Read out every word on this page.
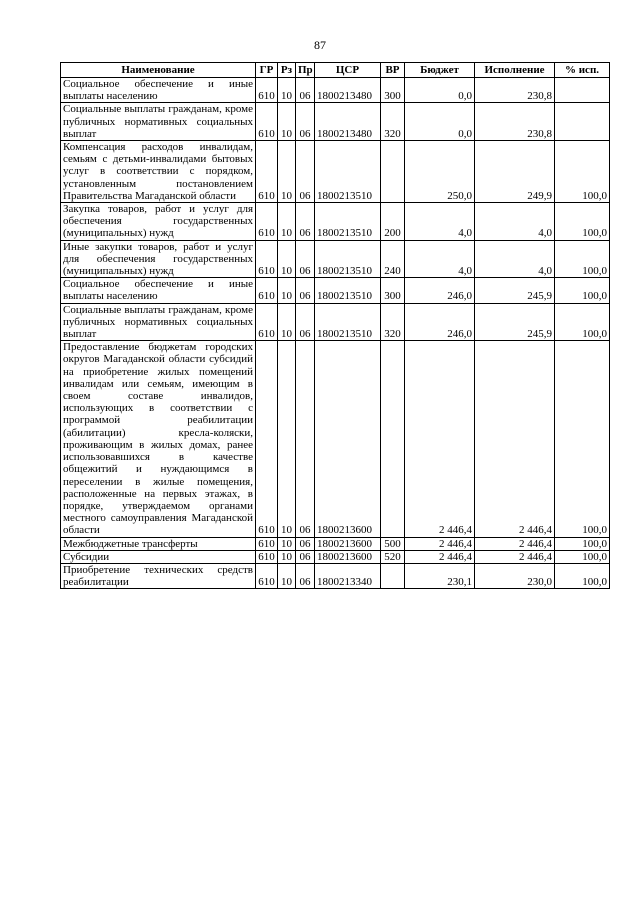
87
Наименование	ГР	Рз	Пр	ЦСР	ВР	Бюджет	Исполнение	% исп.
Социальное обеспечение и иные выплаты населению	610	10	06	1800213480	300	0,0	230,8	
Социальные выплаты гражданам, кроме публичных нормативных социальных выплат	610	10	06	1800213480	320	0,0	230,8	
Компенсация расходов инвалидам, семьям с детьми-инвалидами бытовых услуг в соответствии с порядком, установленным постановлением Правительства Магаданской области	610	10	06	1800213510		250,0	249,9	100,0
Закупка товаров, работ и услуг для обеспечения государственных (муниципальных) нужд	610	10	06	1800213510	200	4,0	4,0	100,0
Иные закупки товаров, работ и услуг для обеспечения государственных (муниципальных) нужд	610	10	06	1800213510	240	4,0	4,0	100,0
Социальное обеспечение и иные выплаты населению	610	10	06	1800213510	300	246,0	245,9	100,0
Социальные выплаты гражданам, кроме публичных нормативных социальных выплат	610	10	06	1800213510	320	246,0	245,9	100,0
Предоставление бюджетам городских округов Магаданской области субсидий на приобретение жилых помещений инвалидам или семьям, имеющим в своем составе инвалидов, использующих в соответствии с программой реабилитации (абилитации) кресла-коляски, проживающим в жилых домах, ранее использовавшихся в качестве общежитий и нуждающимся в переселении в жилые помещения, расположенные на первых этажах, в порядке, утверждаемом органами местного самоуправления Магаданской области	610	10	06	1800213600		2 446,4	2 446,4	100,0
Межбюджетные трансферты	610	10	06	1800213600	500	2 446,4	2 446,4	100,0
Субсидии	610	10	06	1800213600	520	2 446,4	2 446,4	100,0
Приобретение технических средств реабилитации	610	10	06	1800213340		230,1	230,0	100,0
